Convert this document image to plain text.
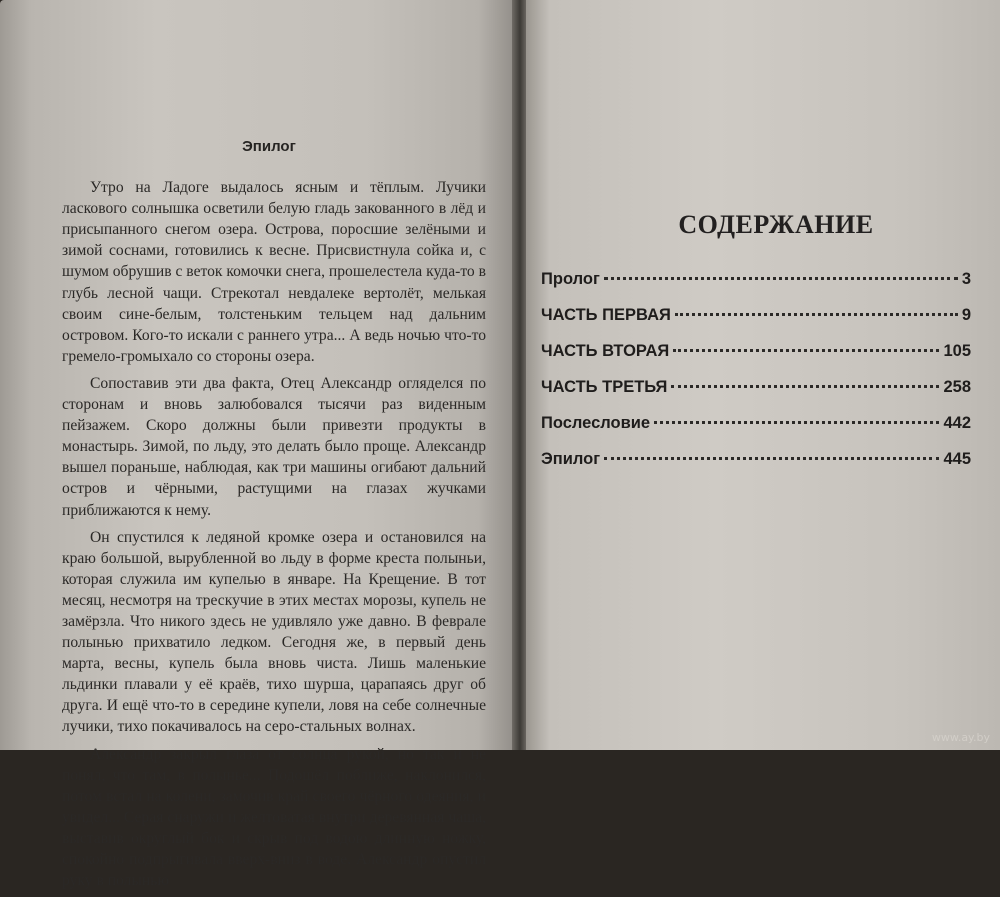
Эпилог

Утро на Ладоге выдалось ясным и тёплым. Лучики ласкового солнышка осветили белую гладь закованного в лёд и присыпанного снегом озера. Острова, поросшие зелёными и зимой соснами, готовились к весне. Присвистнула сойка и, с шумом обрушив с веток комочки снега, прошелестела куда-то в глубь лесной чащи. Стрекотал невдалеке вертолёт, мелькая своим сине-белым, толстеньким тельцем над дальним островом. Кого-то искали с раннего утра... А ведь ночью что-то гремело-громыхало со стороны озера.

Сопоставив эти два факта, Отец Александр огляделся по сторонам и вновь залюбовался тысячи раз виденным пейзажем. Скоро должны были привезти продукты в монастырь. Зимой, по льду, это делать было проще. Александр вышел пораньше, наблюдая, как три машины огибают дальний остров и чёрными, растущими на глазах жучками приближаются к нему.

Он спустился к ледяной кромке озера и остановился на краю большой, вырубленной во льду в форме креста полыньи, которая служила им купелью в январе. На Крещение. В тот месяц, несмотря на трескучие в этих местах морозы, купель не замёрзла. Что никого здесь не удивляло уже давно. В феврале полынью прихватило ледком. Сегодня же, в первый день марта, весны, купель была вновь чиста. Лишь маленькие льдинки плавали у её краёв, тихо шурша, царапаясь друг об друга. И ещё что-то в середине купели, ловя на себе солнечные лучики, тихо покачивалось на серо-стальных волнах.

Александр закрыл глаза от солнца рукой, но так и не понял, что там, в полынье... Подошёл поближе, наклонился, потом встал на колени, замочив край своего чёрного одеяния, и увидел... Серая снаружи и желтоватая внутри деревянная чаша, выставив округлый бок и скрыв под водою длинную ножку, спокойно подпрыгивала вверх-вниз в воде. Александр опустил руку в полынью

СОДЕРЖАНИЕ
Пролог	3
ЧАСТЬ ПЕРВАЯ	9
ЧАСТЬ ВТОРАЯ	105
ЧАСТЬ ТРЕТЬЯ	258
Послесловие	442
Эпилог	445
www.ay.by
